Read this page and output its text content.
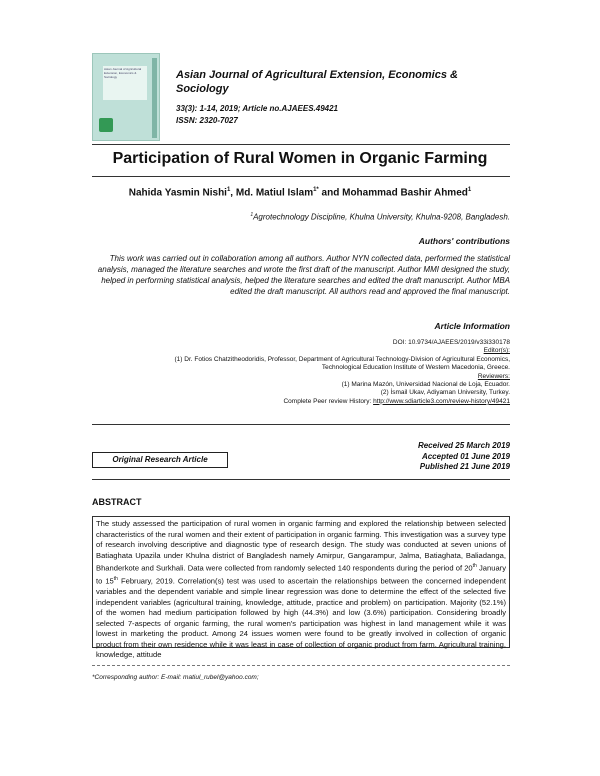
Asian Journal of Agricultural Extension, Economics & Sociology	Asian Journal of Agricultural Extension, Economics & Sociology
33(3): 1-14, 2019; Article no.AJAEES.49421
ISSN: 2320-7027
Participation of Rural Women in Organic Farming
Nahida Yasmin Nishi$^1$, Md. Matiul Islam$^{1*}$ and Mohammad Bashir Ahmed$^1$
$^1$Agrotechnology Discipline, Khulna University, Khulna-9208, Bangladesh.
Authors' contributions
This work was carried out in collaboration among all authors. Author NYN collected data, performed the statistical analysis, managed the literature searches and wrote the first draft of the manuscript. Author MMI designed the study, helped in performing statistical analysis, helped the literature searches and edited the draft manuscript. Author MBA edited the draft manuscript. All authors read and approved the final manuscript.
Article Information
DOI: 10.9734/AJAEES/2019/v33i330178
Editor(s):
(1) Dr. Fotios Chatzitheodoridis, Professor, Department of Agricultural Technology-Division of Agricultural Economics,
Technological Education Institute of Western Macedonia, Greece.
Reviewers:
(1) Marina Mazón, Universidad Nacional de Loja, Ecuador.
(2) İsmail Ukav, Adiyaman University, Turkey.
Complete Peer review History: http://www.sdiarticle3.com/review-history/49421
Received 25 March 2019
Accepted 01 June 2019
Published 21 June 2019
Original Research Article
ABSTRACT
The study assessed the participation of rural women in organic farming and explored the relationship between selected characteristics of the rural women and their extent of participation in organic farming. This investigation was a survey type of research involving descriptive and diagnostic type of research design. The study was conducted at seven unions of Batiaghata Upazila under Khulna district of Bangladesh namely Amirpur, Gangarampur, Jalma, Batiaghata, Baliadanga, Bhanderkote and Surkhali. Data were collected from randomly selected 140 respondents during the period of 20th January to 15th February, 2019. Correlation(s) test was used to ascertain the relationships between the concerned independent variables and the dependent variable and simple linear regression was done to determine the effect of the selected five independent variables (agricultural training, knowledge, attitude, practice and problem) on participation. Majority (52.1%) of the women had medium participation followed by high (44.3%) and low (3.6%) participation. Considering broadly selected 7-aspects of organic farming, the rural women's participation was highest in land management while it was lowest in marketing the product. Among 24 issues women were found to be greatly involved in collection of organic product from their own residence while it was least in case of collection of organic product from farm. Agricultural training, knowledge, attitude
*Corresponding author: E-mail: matiul_rubel@yahoo.com;
